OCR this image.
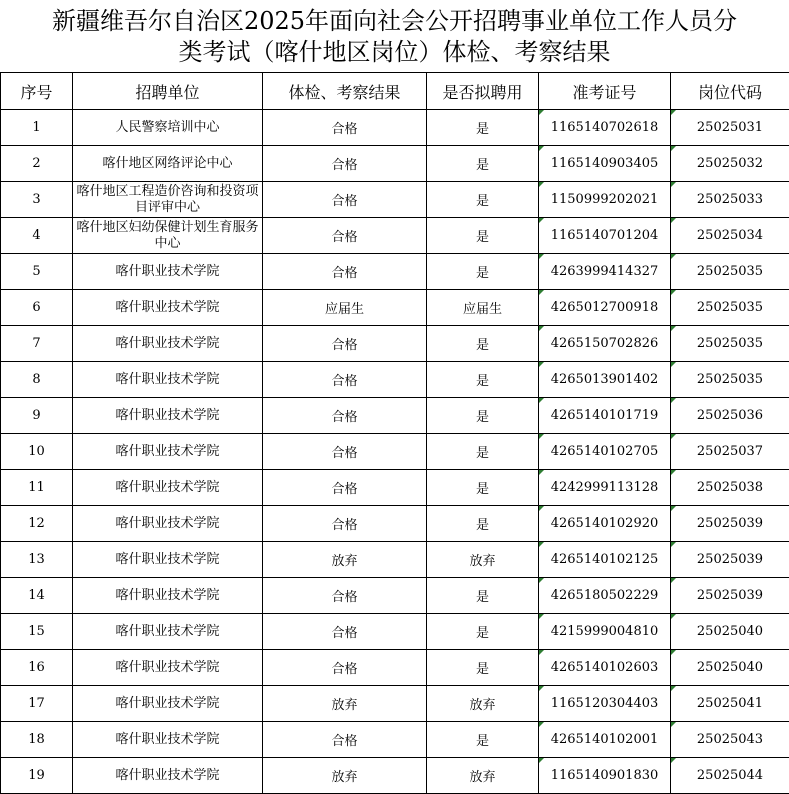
新疆维吾尔自治区2025年面向社会公开招聘事业单位工作人员分
类考试（喀什地区岗位）体检、考察结果
序号	招聘单位	体检、考察结果	是否拟聘用	准考证号	岗位代码
1	人民警察培训中心	合格	是	1165140702618	25025031
2	喀什地区网络评论中心	合格	是	1165140903405	25025032
3	喀什地区工程造价咨询和投资项目评审中心	合格	是	1150999202021	25025033
4	喀什地区妇幼保健计划生育服务中心	合格	是	1165140701204	25025034
5	喀什职业技术学院	合格	是	4263999414327	25025035
6	喀什职业技术学院	应届生	应届生	4265012700918	25025035
7	喀什职业技术学院	合格	是	4265150702826	25025035
8	喀什职业技术学院	合格	是	4265013901402	25025035
9	喀什职业技术学院	合格	是	4265140101719	25025036
10	喀什职业技术学院	合格	是	4265140102705	25025037
11	喀什职业技术学院	合格	是	4242999113128	25025038
12	喀什职业技术学院	合格	是	4265140102920	25025039
13	喀什职业技术学院	放弃	放弃	4265140102125	25025039
14	喀什职业技术学院	合格	是	4265180502229	25025039
15	喀什职业技术学院	合格	是	4215999004810	25025040
16	喀什职业技术学院	合格	是	4265140102603	25025040
17	喀什职业技术学院	放弃	放弃	1165120304403	25025041
18	喀什职业技术学院	合格	是	4265140102001	25025043
19	喀什职业技术学院	放弃	放弃	1165140901830	25025044
